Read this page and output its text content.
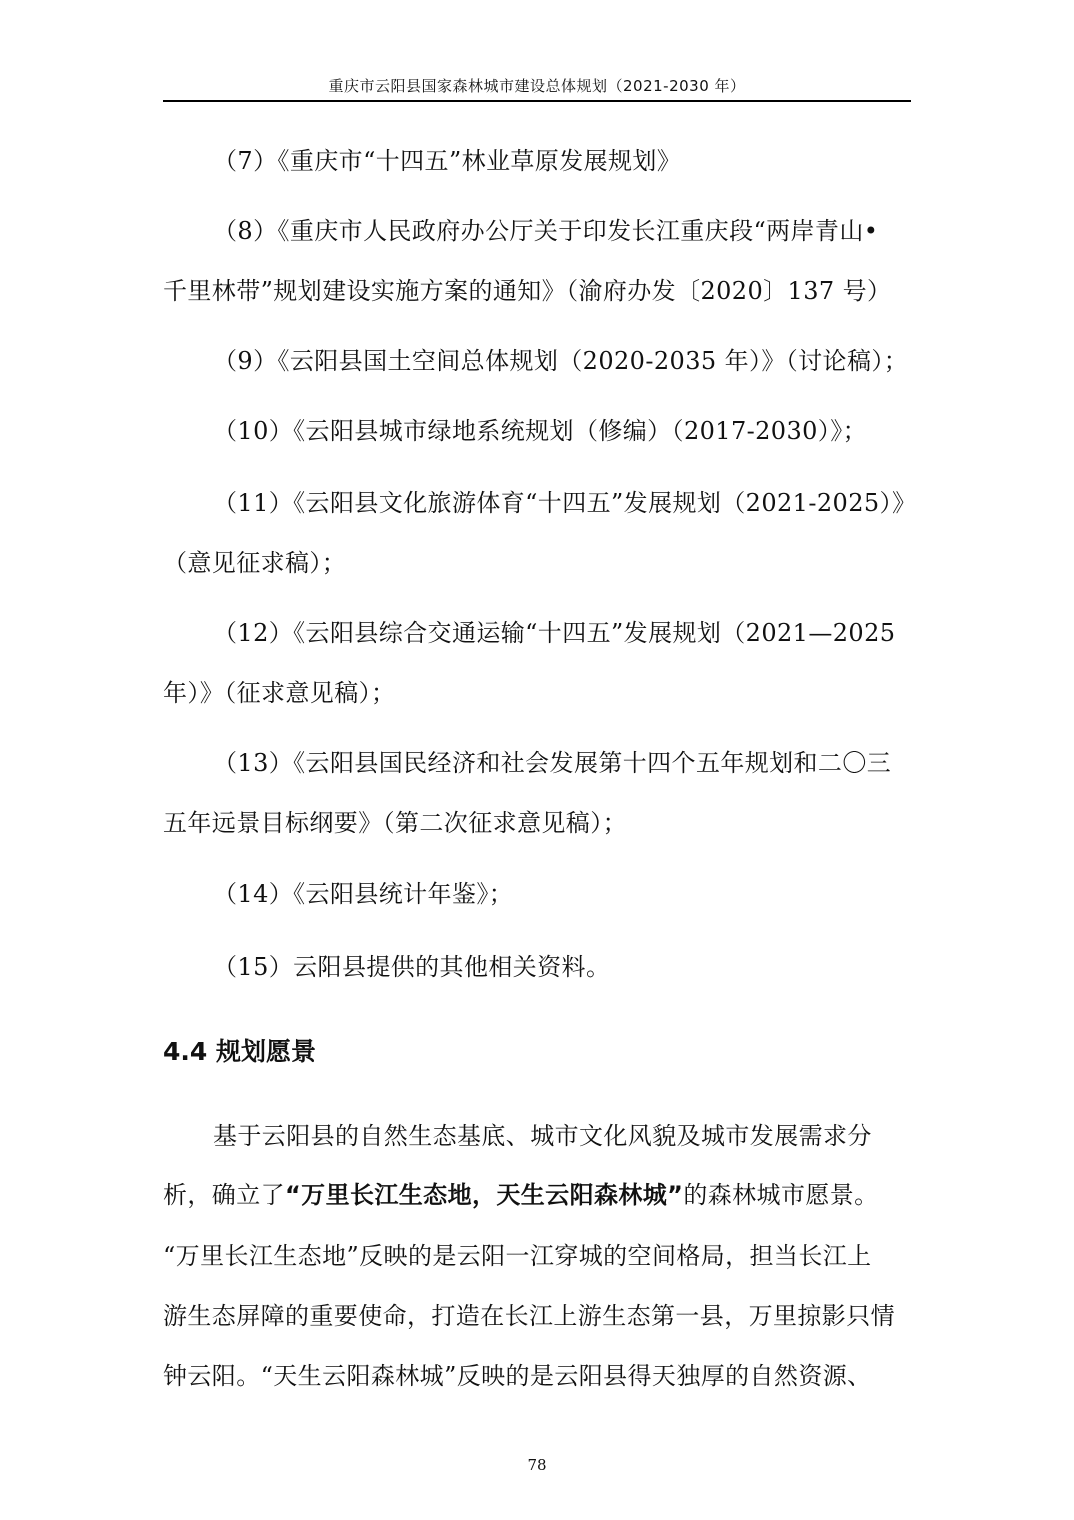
重庆市云阳县国家森林城市建设总体规划（2021-2030 年）
（7）《重庆市“十四五”林业草原发展规划》
（8）《重庆市人民政府办公厅关于印发长江重庆段“两岸青山•
千里林带”规划建设实施方案的通知》（渝府办发〔2020〕137 号）
（9）《云阳县国土空间总体规划（2020-2035 年）》（讨论稿）；
（10）《云阳县城市绿地系统规划（修编）（2017-2030）》；
（11）《云阳县文化旅游体育“十四五”发展规划（2021-2025）》
（意见征求稿）；
（12）《云阳县综合交通运输“十四五”发展规划（2021—2025
年）》（征求意见稿）；
（13）《云阳县国民经济和社会发展第十四个五年规划和二〇三
五年远景目标纲要》（第二次征求意见稿）；
（14）《云阳县统计年鉴》；
（15）云阳县提供的其他相关资料。
4.4 规划愿景
基于云阳县的自然生态基底、城市文化风貌及城市发展需求分
析，确立了“万里长江生态地，天生云阳森林城”的森林城市愿景。
“万里长江生态地”反映的是云阳一江穿城的空间格局，担当长江上
游生态屏障的重要使命，打造在长江上游生态第一县，万里掠影只情
钟云阳。“天生云阳森林城”反映的是云阳县得天独厚的自然资源、
78
